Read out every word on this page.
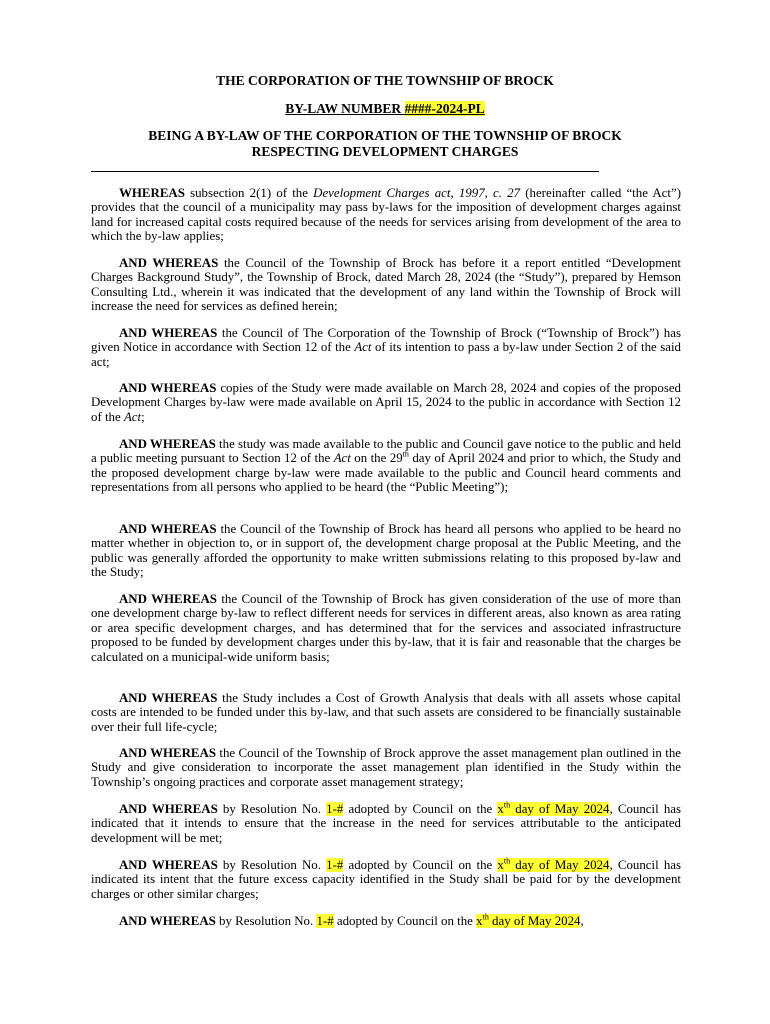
THE CORPORATION OF THE TOWNSHIP OF BROCK
BY-LAW NUMBER ####-2024-PL
BEING A BY-LAW OF THE CORPORATION OF THE TOWNSHIP OF BROCK
RESPECTING DEVELOPMENT CHARGES

WHEREAS subsection 2(1) of the Development Charges act, 1997, c. 27 (hereinafter called “the Act”) provides that the council of a municipality may pass by-laws for the imposition of development charges against land for increased capital costs required because of the needs for services arising from development of the area to which the by-law applies;

AND WHEREAS the Council of the Township of Brock has before it a report entitled “Development Charges Background Study”, the Township of Brock, dated March 28, 2024 (the “Study”), prepared by Hemson Consulting Ltd., wherein it was indicated that the development of any land within the Township of Brock will increase the need for services as defined herein;

AND WHEREAS the Council of The Corporation of the Township of Brock (“Township of Brock”) has given Notice in accordance with Section 12 of the Act of its intention to pass a by-law under Section 2 of the said act;

AND WHEREAS copies of the Study were made available on March 28, 2024 and copies of the proposed Development Charges by-law were made available on April 15, 2024 to the public in accordance with Section 12 of the Act;

AND WHEREAS the study was made available to the public and Council gave notice to the public and held a public meeting pursuant to Section 12 of the Act on the 29th day of April 2024 and prior to which, the Study and the proposed development charge by-law were made available to the public and Council heard comments and representations from all persons who applied to be heard (the “Public Meeting”);

AND WHEREAS the Council of the Township of Brock has heard all persons who applied to be heard no matter whether in objection to, or in support of, the development charge proposal at the Public Meeting, and the public was generally afforded the opportunity to make written submissions relating to this proposed by-law and the Study;

AND WHEREAS the Council of the Township of Brock has given consideration of the use of more than one development charge by-law to reflect different needs for services in different areas, also known as area rating or area specific development charges, and has determined that for the services and associated infrastructure proposed to be funded by development charges under this by-law, that it is fair and reasonable that the charges be calculated on a municipal-wide uniform basis;

AND WHEREAS the Study includes a Cost of Growth Analysis that deals with all assets whose capital costs are intended to be funded under this by-law, and that such assets are considered to be financially sustainable over their full life-cycle;

AND WHEREAS the Council of the Township of Brock approve the asset management plan outlined in the Study and give consideration to incorporate the asset management plan identified in the Study within the Township’s ongoing practices and corporate asset management strategy;

AND WHEREAS by Resolution No. 1-# adopted by Council on the $x^{th}$ day of May 2024, Council has indicated that it intends to ensure that the increase in the need for services attributable to the anticipated development will be met;

AND WHEREAS by Resolution No. 1-# adopted by Council on the $x^{th}$ day of May 2024, Council has indicated its intent that the future excess capacity identified in the Study shall be paid for by the development charges or other similar charges;

AND WHEREAS by Resolution No. 1-# adopted by Council on the $x^{th}$ day of May 2024,
